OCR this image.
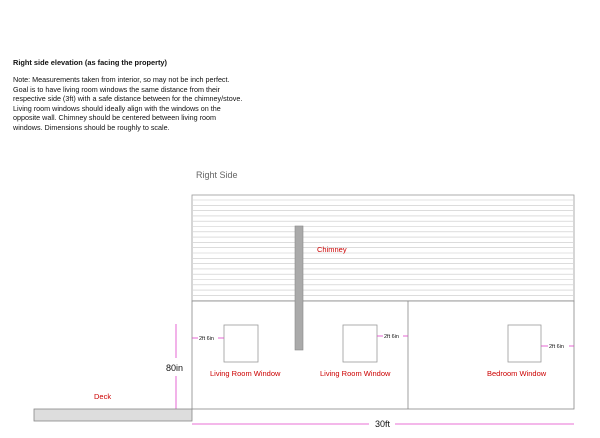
Right side elevation (as facing the property)
Note: Measurements taken from interior, so may not be inch perfect. Goal is to have living room windows the same distance from their respective side (3ft) with a safe distance between for the chimney/stove. Living room windows should ideally align with the windows on the opposite wall. Chimney should be centered between living room windows. Dimensions should be roughly to scale.
Right Side
Chimney
Living Room Window	Living Room Window	Bedroom Window
2ft 6in	2ft 6in
2ft 6in
80in
Deck
30ft
